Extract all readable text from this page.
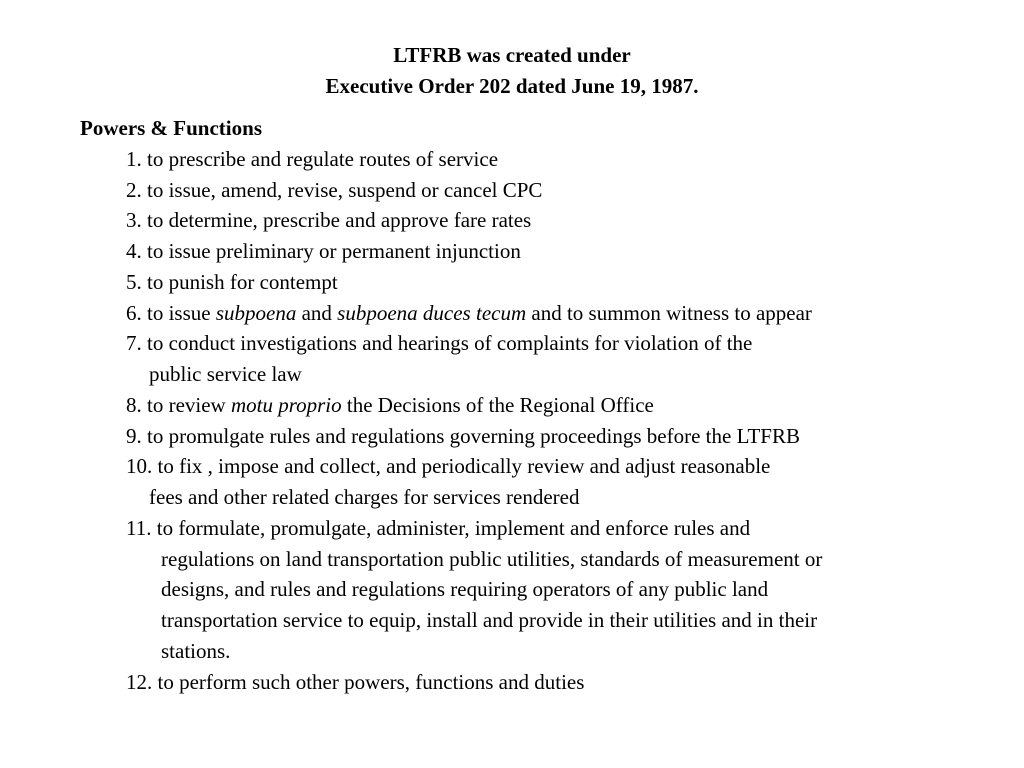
LTFRB was created under
Executive Order 202 dated June 19, 1987.
Powers & Functions
1. to prescribe and regulate routes of service
2. to issue, amend, revise, suspend or cancel CPC
3. to determine, prescribe and approve fare rates
4. to issue preliminary or permanent injunction
5. to punish for contempt
6. to issue subpoena and subpoena duces tecum and to summon witness to appear
7. to conduct investigations and hearings of complaints for violation of the
public service law
8. to review motu proprio the Decisions of the Regional Office
9. to promulgate rules and regulations governing proceedings before the LTFRB
10. to fix , impose and collect, and periodically review and adjust reasonable
fees and other related charges for services rendered
11. to formulate, promulgate, administer, implement and enforce rules and
regulations on land transportation public utilities, standards of measurement or
designs, and rules and regulations requiring operators of any public land
transportation service to equip, install and provide in their utilities and in their
stations.
12. to perform such other powers, functions and duties
